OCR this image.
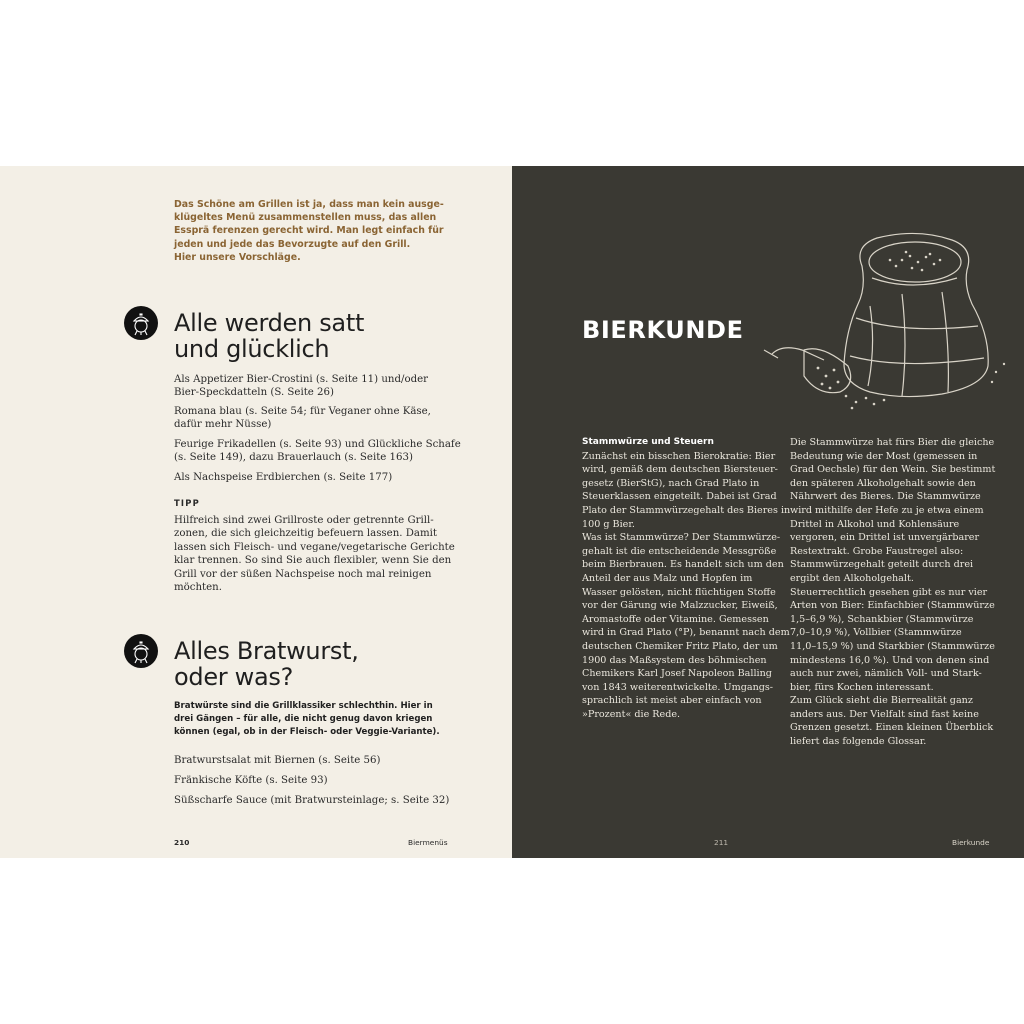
Das Schöne am Grillen ist ja, dass man kein ausge-
klügeltes Menü zusammenstellen muss, das allen
Essprä ferenzen gerecht wird. Man legt einfach für
jeden und jede das Bevorzugte auf den Grill.
Hier unsere Vorschläge.
Alle werden satt
und glücklich
Als Appetizer Bier-Crostini (s. Seite 11) und/oder
Bier-Speckdatteln (S. Seite 26)
Romana blau (s. Seite 54; für Veganer ohne Käse,
dafür mehr Nüsse)
Feurige Frikadellen (s. Seite 93) und Glückliche Schafe
(s. Seite 149), dazu Brauerlauch (s. Seite 163)
Als Nachspeise Erdbierchen (s. Seite 177)
TIPP
Hilfreich sind zwei Grillroste oder getrennte Grill-
zonen, die sich gleichzeitig befeuern lassen. Damit
lassen sich Fleisch- und vegane/vegetarische Gerichte
klar trennen. So sind Sie auch flexibler, wenn Sie den
Grill vor der süßen Nachspeise noch mal reinigen
möchten.
Alles Bratwurst,
oder was?
Bratwürste sind die Grillklassiker schlechthin. Hier in
drei Gängen – für alle, die nicht genug davon kriegen
können (egal, ob in der Fleisch- oder Veggie-Variante).
Bratwurstsalat mit Biernen (s. Seite 56)
Fränkische Köfte (s. Seite 93)
Süßscharfe Sauce (mit Bratwursteinlage; s. Seite 32)
210	Biermenüs
BIERKUNDE
Stammwürze und Steuern
Zunächst ein bisschen Bierokratie: Bier
wird, gemäß dem deutschen Biersteuer-
gesetz (BierStG), nach Grad Plato in
Steuerklassen eingeteilt. Dabei ist Grad
Plato der Stammwürzegehalt des Bieres in
100 g Bier.
Was ist Stammwürze? Der Stammwürze-
gehalt ist die entscheidende Messgröße
beim Bierbrauen. Es handelt sich um den
Anteil der aus Malz und Hopfen im
Wasser gelösten, nicht flüchtigen Stoffe
vor der Gärung wie Malzzucker, Eiweiß,
Aromastoffe oder Vitamine. Gemessen
wird in Grad Plato (°P), benannt nach dem
deutschen Chemiker Fritz Plato, der um
1900 das Maßsystem des böhmischen
Chemikers Karl Josef Napoleon Balling
von 1843 weiterentwickelte. Umgangs-
sprachlich ist meist aber einfach von
»Prozent« die Rede.
Die Stammwürze hat fürs Bier die gleiche
Bedeutung wie der Most (gemessen in
Grad Oechsle) für den Wein. Sie bestimmt
den späteren Alkoholgehalt sowie den
Nährwert des Bieres. Die Stammwürze
wird mithilfe der Hefe zu je etwa einem
Drittel in Alkohol und Kohlensäure
vergoren, ein Drittel ist unvergärbarer
Restextrakt. Grobe Faustregel also:
Stammwürzegehalt geteilt durch drei
ergibt den Alkoholgehalt.
Steuerrechtlich gesehen gibt es nur vier
Arten von Bier: Einfachbier (Stammwürze
1,5–6,9 %), Schankbier (Stammwürze
7,0–10,9 %), Vollbier (Stammwürze
11,0–15,9 %) und Starkbier (Stammwürze
mindestens 16,0 %). Und von denen sind
auch nur zwei, nämlich Voll- und Stark-
bier, fürs Kochen interessant.
Zum Glück sieht die Bierrealität ganz
anders aus. Der Vielfalt sind fast keine
Grenzen gesetzt. Einen kleinen Überblick
liefert das folgende Glossar.
211	Bierkunde
